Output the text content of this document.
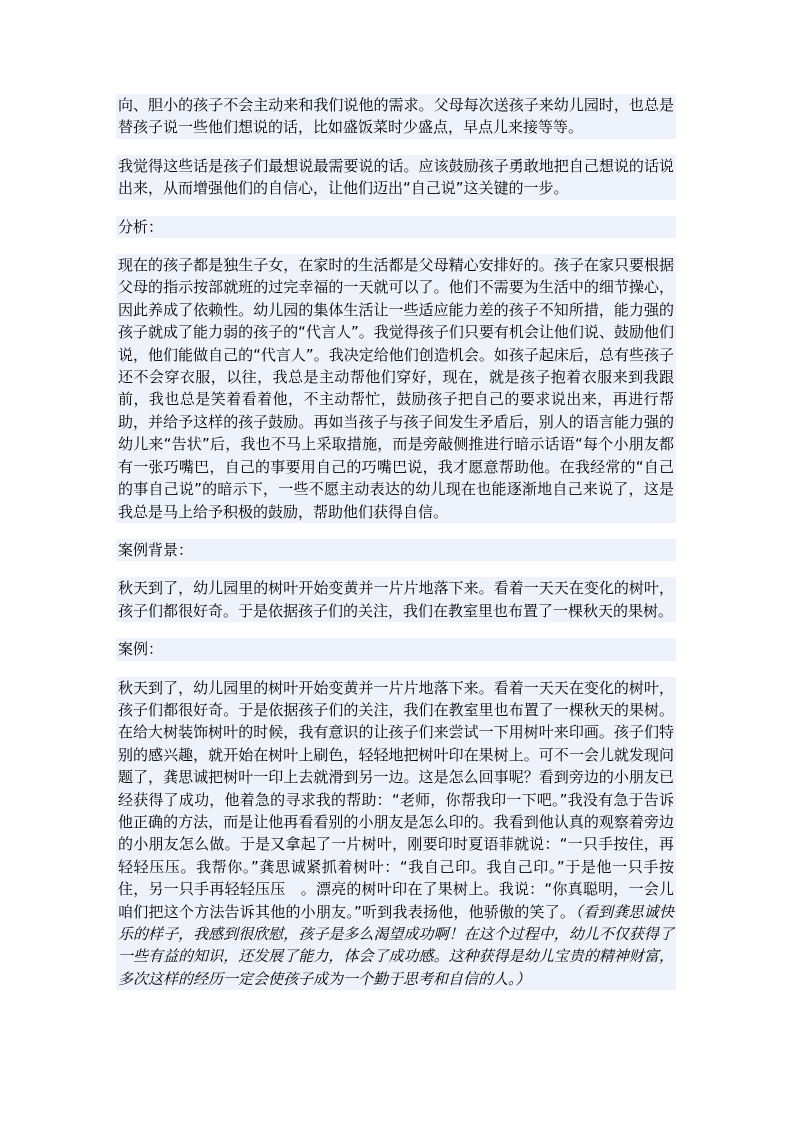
向、胆小的孩子不会主动来和我们说他的需求。父母每次送孩子来幼儿园时，也总是替孩子说一些他们想说的话，比如盛饭菜时少盛点，早点儿来接等等。

我觉得这些话是孩子们最想说最需要说的话。应该鼓励孩子勇敢地把自己想说的话说出来，从而增强他们的自信心，让他们迈出“自己说”这关键的一步。

分析：

现在的孩子都是独生子女，在家时的生活都是父母精心安排好的。孩子在家只要根据父母的指示按部就班的过完幸福的一天就可以了。他们不需要为生活中的细节操心，因此养成了依赖性。幼儿园的集体生活让一些适应能力差的孩子不知所措，能力强的孩子就成了能力弱的孩子的“代言人”。我觉得孩子们只要有机会让他们说、鼓励他们说，他们能做自己的“代言人”。我决定给他们创造机会。如孩子起床后，总有些孩子还不会穿衣服，以往，我总是主动帮他们穿好，现在，就是孩子抱着衣服来到我跟前，我也总是笑着看着他，不主动帮忙，鼓励孩子把自己的要求说出来，再进行帮助，并给予这样的孩子鼓励。再如当孩子与孩子间发生矛盾后，别人的语言能力强的幼儿来“告状”后，我也不马上采取措施，而是旁敲侧推进行暗示话语“每个小朋友都有一张巧嘴巴，自己的事要用自己的巧嘴巴说，我才愿意帮助他。在我经常的“自己的事自己说”的暗示下，一些不愿主动表达的幼儿现在也能逐渐地自己来说了，这是我总是马上给予积极的鼓励，帮助他们获得自信。

案例背景：

秋天到了，幼儿园里的树叶开始变黄并一片片地落下来。看着一天天在变化的树叶，孩子们都很好奇。于是依据孩子们的关注，我们在教室里也布置了一棵秋天的果树。

案例：

秋天到了，幼儿园里的树叶开始变黄并一片片地落下来。看着一天天在变化的树叶，孩子们都很好奇。于是依据孩子们的关注，我们在教室里也布置了一棵秋天的果树。在给大树装饰树叶的时候，我有意识的让孩子们来尝试一下用树叶来印画。孩子们特别的感兴趣，就开始在树叶上刷色，轻轻地把树叶印在果树上。可不一会儿就发现问题了，龚思诚把树叶一印上去就滑到另一边。这是怎么回事呢？看到旁边的小朋友已经获得了成功，他着急的寻求我的帮助：“老师，你帮我印一下吧。”我没有急于告诉他正确的方法，而是让他再看看别的小朋友是怎么印的。我看到他认真的观察着旁边的小朋友怎么做。于是又拿起了一片树叶，刚要印时夏语菲就说：“一只手按住，再轻轻压压。我帮你。”龚思诚紧抓着树叶：“我自己印。我自己印。”于是他一只手按住，另一只手再轻轻压压　。漂亮的树叶印在了果树上。我说：“你真聪明，一会儿咱们把这个方法告诉其他的小朋友。”听到我表扬他，他骄傲的笑了。（看到龚思诚快乐的样子，我感到很欣慰，孩子是多么渴望成功啊！在这个过程中，幼儿不仅获得了一些有益的知识，还发展了能力，体会了成功感。这种获得是幼儿宝贵的精神财富，多次这样的经历一定会使孩子成为一个勤于思考和自信的人。）
